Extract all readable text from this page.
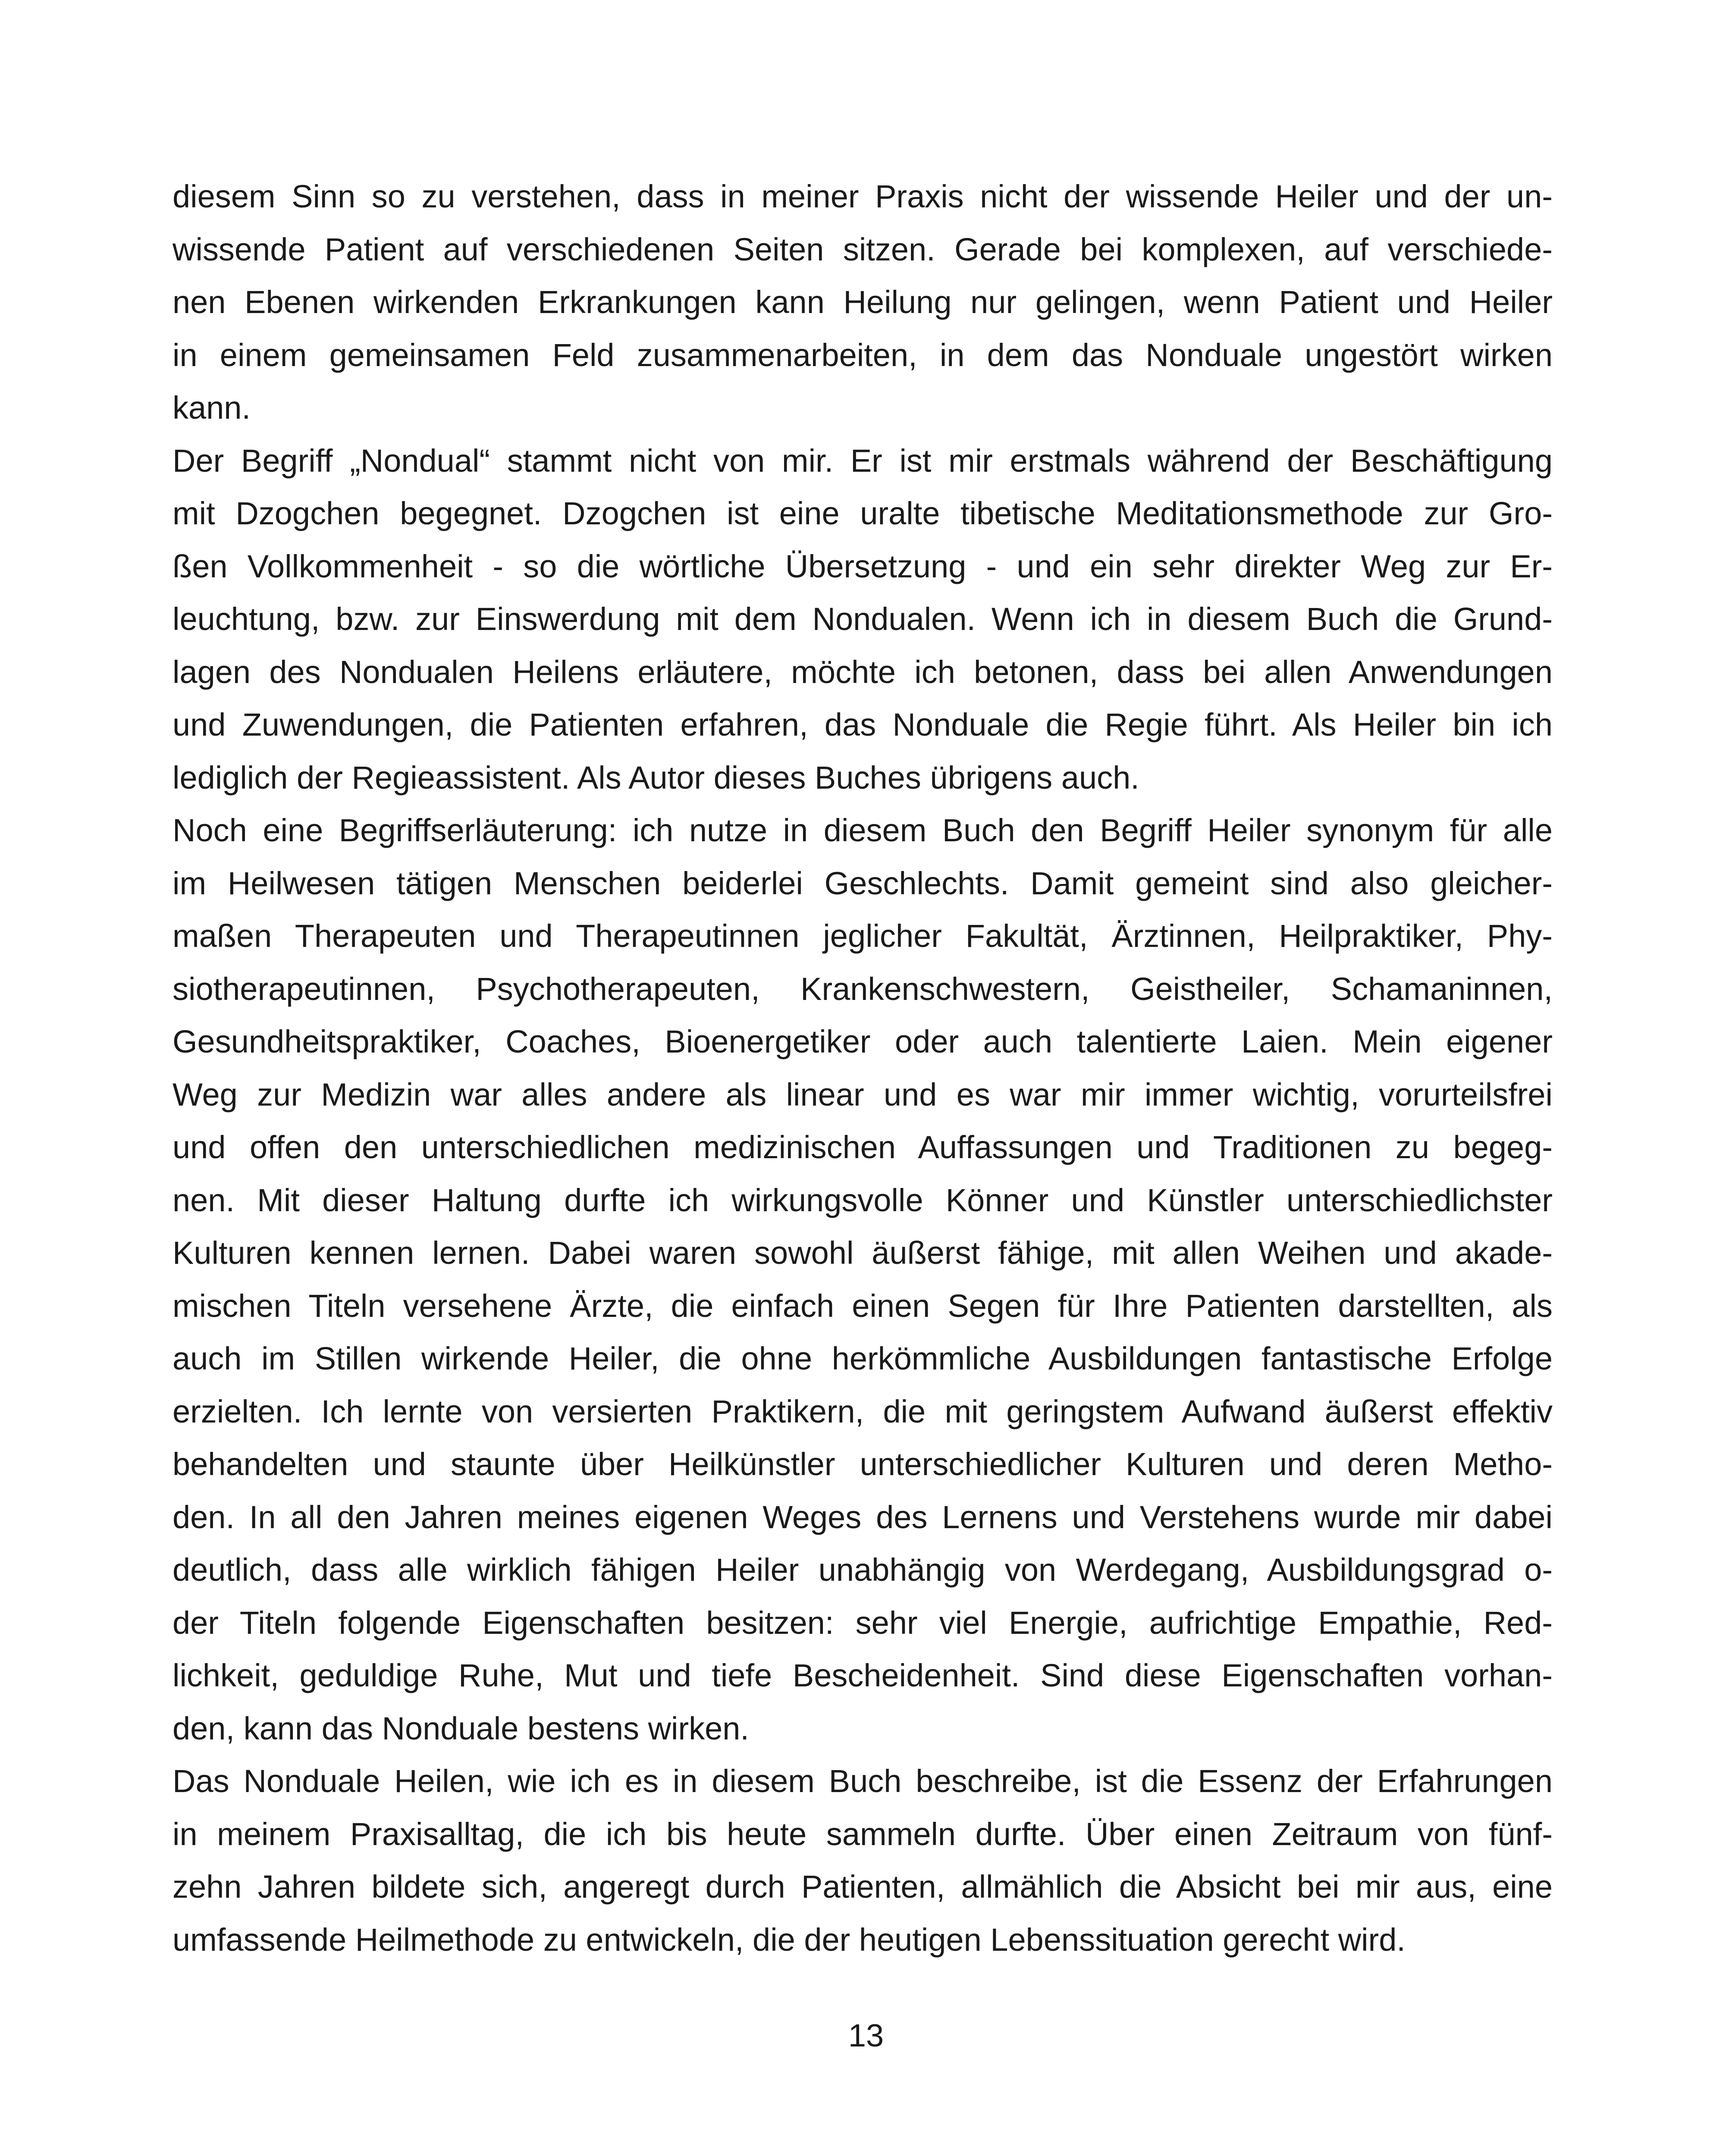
diesem Sinn so zu verstehen, dass in meiner Praxis nicht der wissende Heiler und der un-
wissende Patient auf verschiedenen Seiten sitzen. Gerade bei komplexen, auf verschiede-
nen Ebenen wirkenden Erkrankungen kann Heilung nur gelingen, wenn Patient und Heiler
in einem gemeinsamen Feld zusammenarbeiten, in dem das Nonduale ungestört wirken
kann.
Der Begriff „Nondual“ stammt nicht von mir. Er ist mir erstmals während der Beschäftigung
mit Dzogchen begegnet. Dzogchen ist eine uralte tibetische Meditationsmethode zur Gro-
ßen Vollkommenheit - so die wörtliche Übersetzung - und ein sehr direkter Weg zur Er-
leuchtung, bzw. zur Einswerdung mit dem Nondualen. Wenn ich in diesem Buch die Grund-
lagen des Nondualen Heilens erläutere, möchte ich betonen, dass bei allen Anwendungen
und Zuwendungen, die Patienten erfahren, das Nonduale die Regie führt. Als Heiler bin ich
lediglich der Regieassistent. Als Autor dieses Buches übrigens auch.
Noch eine Begriffserläuterung: ich nutze in diesem Buch den Begriff Heiler synonym für alle
im Heilwesen tätigen Menschen beiderlei Geschlechts. Damit gemeint sind also gleicher-
maßen Therapeuten und Therapeutinnen jeglicher Fakultät, Ärztinnen, Heilpraktiker, Phy-
siotherapeutinnen, Psychotherapeuten, Krankenschwestern, Geistheiler, Schamaninnen,
Gesundheitspraktiker, Coaches, Bioenergetiker oder auch talentierte Laien. Mein eigener
Weg zur Medizin war alles andere als linear und es war mir immer wichtig, vorurteilsfrei
und offen den unterschiedlichen medizinischen Auffassungen und Traditionen zu begeg-
nen. Mit dieser Haltung durfte ich wirkungsvolle Könner und Künstler unterschiedlichster
Kulturen kennen lernen. Dabei waren sowohl äußerst fähige, mit allen Weihen und akade-
mischen Titeln versehene Ärzte, die einfach einen Segen für Ihre Patienten darstellten, als
auch im Stillen wirkende Heiler, die ohne herkömmliche Ausbildungen fantastische Erfolge
erzielten. Ich lernte von versierten Praktikern, die mit geringstem Aufwand äußerst effektiv
behandelten und staunte über Heilkünstler unterschiedlicher Kulturen und deren Metho-
den. In all den Jahren meines eigenen Weges des Lernens und Verstehens wurde mir dabei
deutlich, dass alle wirklich fähigen Heiler unabhängig von Werdegang, Ausbildungsgrad o-
der Titeln folgende Eigenschaften besitzen: sehr viel Energie, aufrichtige Empathie, Red-
lichkeit, geduldige Ruhe, Mut und tiefe Bescheidenheit. Sind diese Eigenschaften vorhan-
den, kann das Nonduale bestens wirken.
Das Nonduale Heilen, wie ich es in diesem Buch beschreibe, ist die Essenz der Erfahrungen
in meinem Praxisalltag, die ich bis heute sammeln durfte. Über einen Zeitraum von fünf-
zehn Jahren bildete sich, angeregt durch Patienten, allmählich die Absicht bei mir aus, eine
umfassende Heilmethode zu entwickeln, die der heutigen Lebenssituation gerecht wird.
13
